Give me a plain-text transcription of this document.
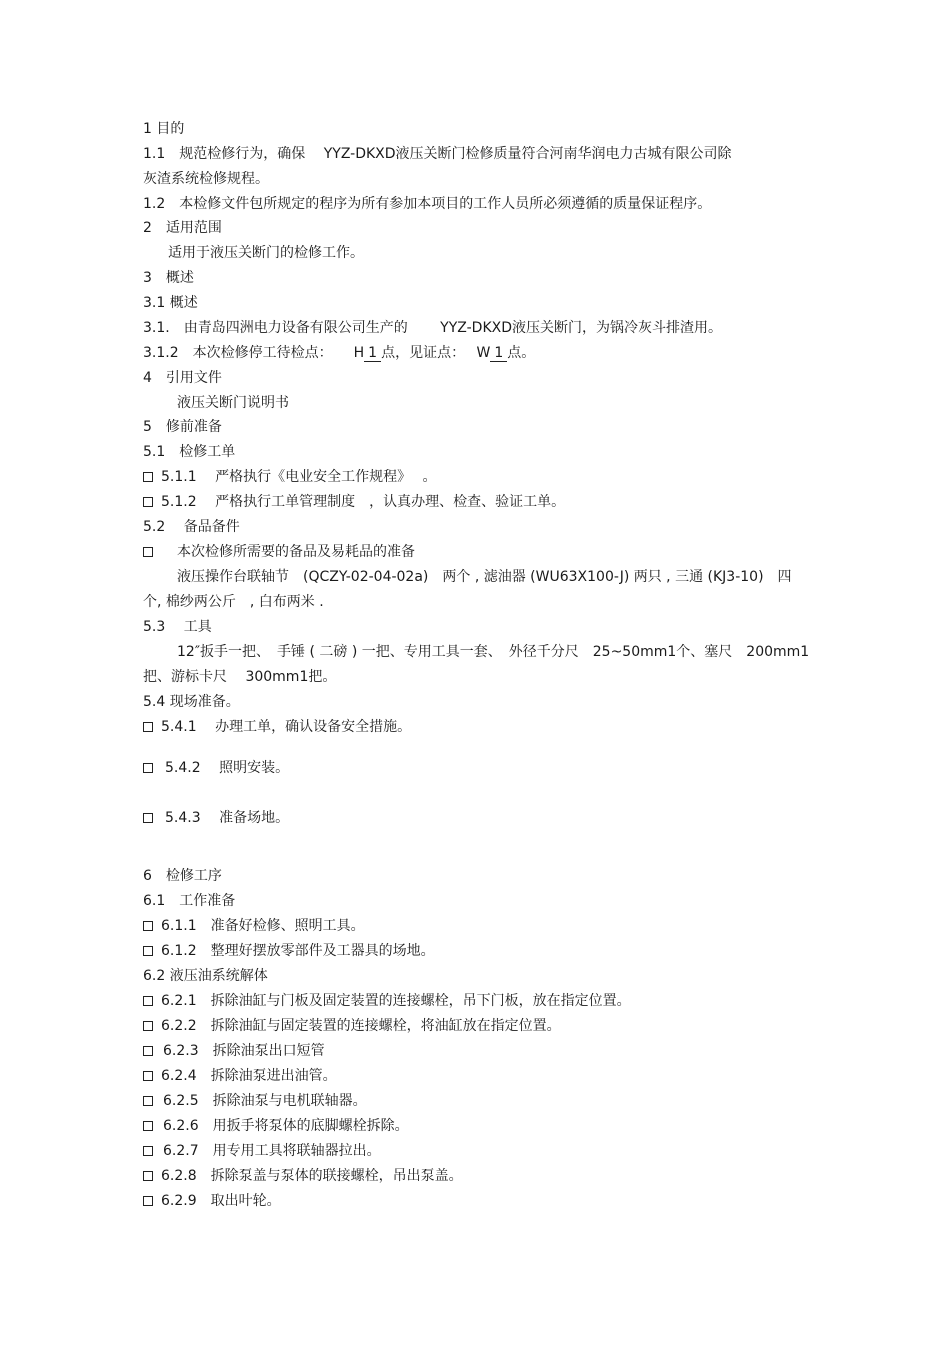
1 目的
1.1　规范检修行为，确保　 YYZ-DKXD液压关断门检修质量符合河南华润电力古城有限公司除
灰渣系统检修规程。
1.2　本检修文件包所规定的程序为所有参加本项目的工作人员所必须遵循的质量保证程序。
2　适用范围
适用于液压关断门的检修工作。
3　概述
3.1 概述
3.1.　由青岛四洲电力设备有限公司生产的　　 YYZ-DKXD液压关断门，为锅冷灰斗排渣用。
3.1.2　本次检修停工待检点：　　H 1 点，见证点：　 W 1 点。
4　引用文件
液压关断门说明书
5　修前准备
5.1　检修工单
5.1.1　 严格执行《电业安全工作规程》　 。
5.1.2　 严格执行工单管理制度　，认真办理、检查、验证工单。
5.2　 备品备件
本次检修所需要的备品及易耗品的准备
液压操作台联轴节　(QCZY-02-04-02a)　两个 , 滤油器 (WU63X100-J) 两只 , 三通 (KJ3-10)　四
个, 棉纱两公斤　, 白布两米 .
5.3　 工具
12″扳手一把、　手锤 ( 二磅 ) 一把、专用工具一套、　外径千分尺　25~50mm1个、塞尺　200mm1
把、游标卡尺　 300mm1把。
5.4 现场准备。
5.4.1　 办理工单，确认设备安全措施。
5.4.2　 照明安装。
5.4.3　 准备场地。
6　检修工序
6.1　工作准备
6.1.1　准备好检修、照明工具。
6.1.2　整理好摆放零部件及工器具的场地。
6.2 液压油系统解体
6.2.1　拆除油缸与门板及固定装置的连接螺栓，吊下门板，放在指定位置。
6.2.2　拆除油缸与固定装置的连接螺栓，将油缸放在指定位置。
6.2.3　拆除油泵出口短管
6.2.4　拆除油泵进出油管。
6.2.5　拆除油泵与电机联轴器。
6.2.6　用扳手将泵体的底脚螺栓拆除。
6.2.7　用专用工具将联轴器拉出。
6.2.8　拆除泵盖与泵体的联接螺栓，吊出泵盖。
6.2.9　取出叶轮。
